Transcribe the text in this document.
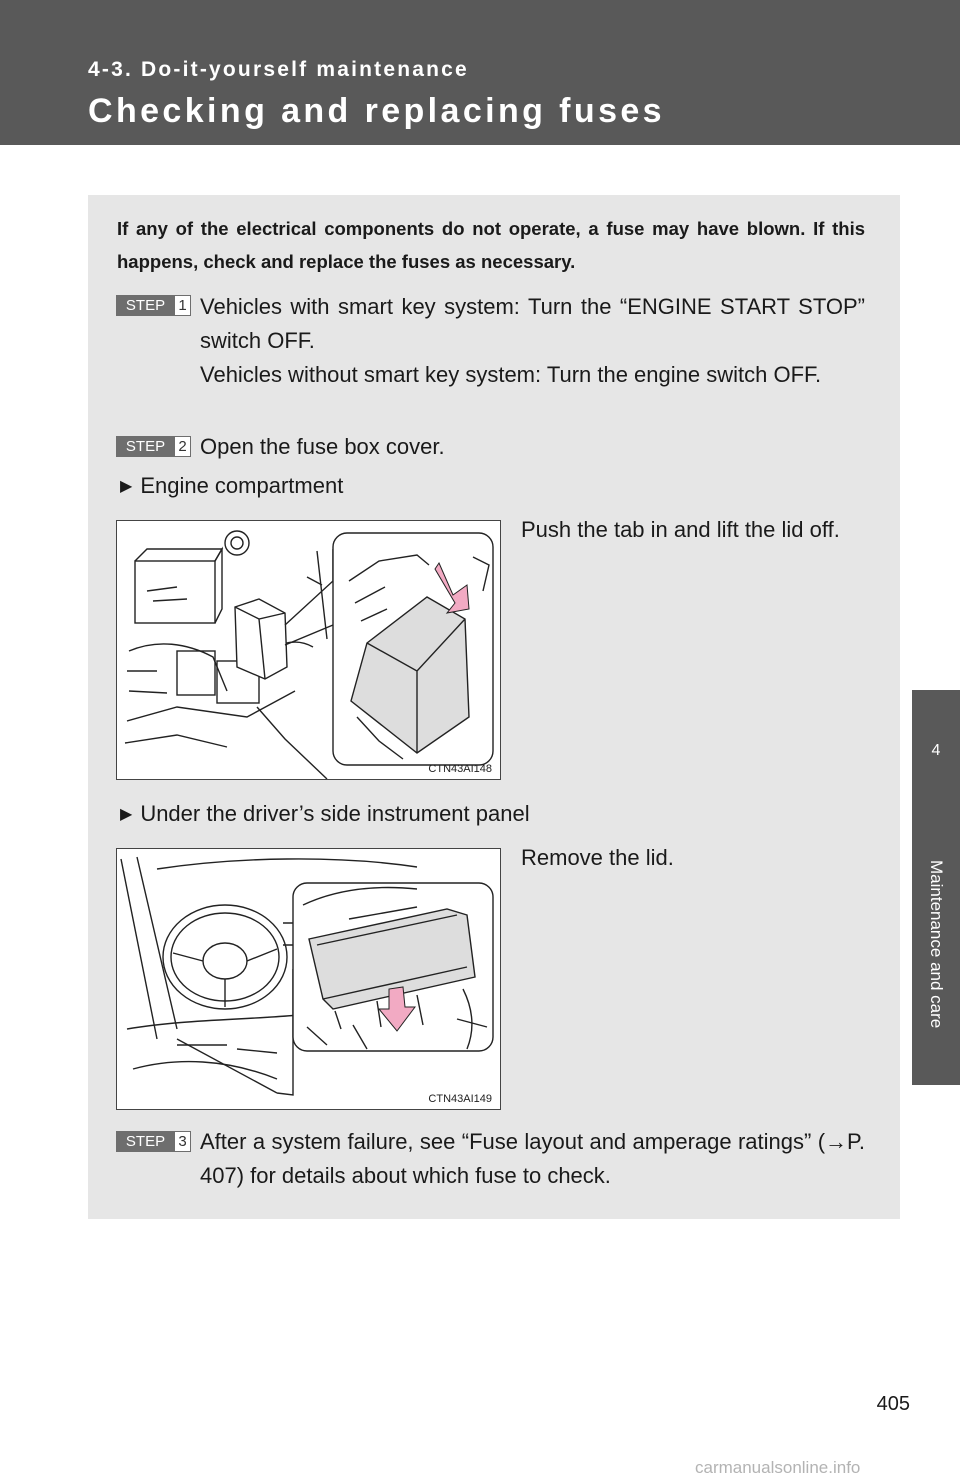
4-3. Do-it-yourself maintenance
Checking and replacing fuses
4
Maintenance and care
If any of the electrical components do not operate, a fuse may have blown. If this happens, check and replace the fuses as necessary.
STEP 1 Vehicles with smart key system: Turn the “ENGINE START STOP” switch OFF.
Vehicles without smart key system: Turn the engine switch OFF.
STEP 2 Open the fuse box cover.
▶ Engine compartment
Push the tab in and lift the lid off.
CTN43AI148
▶ Under the driver’s side instrument panel
Remove the lid.
CTN43AI149
STEP 3 After a system failure, see “Fuse layout and amperage ratings” (→P. 407) for details about which fuse to check.
405
carmanualsonline.info
